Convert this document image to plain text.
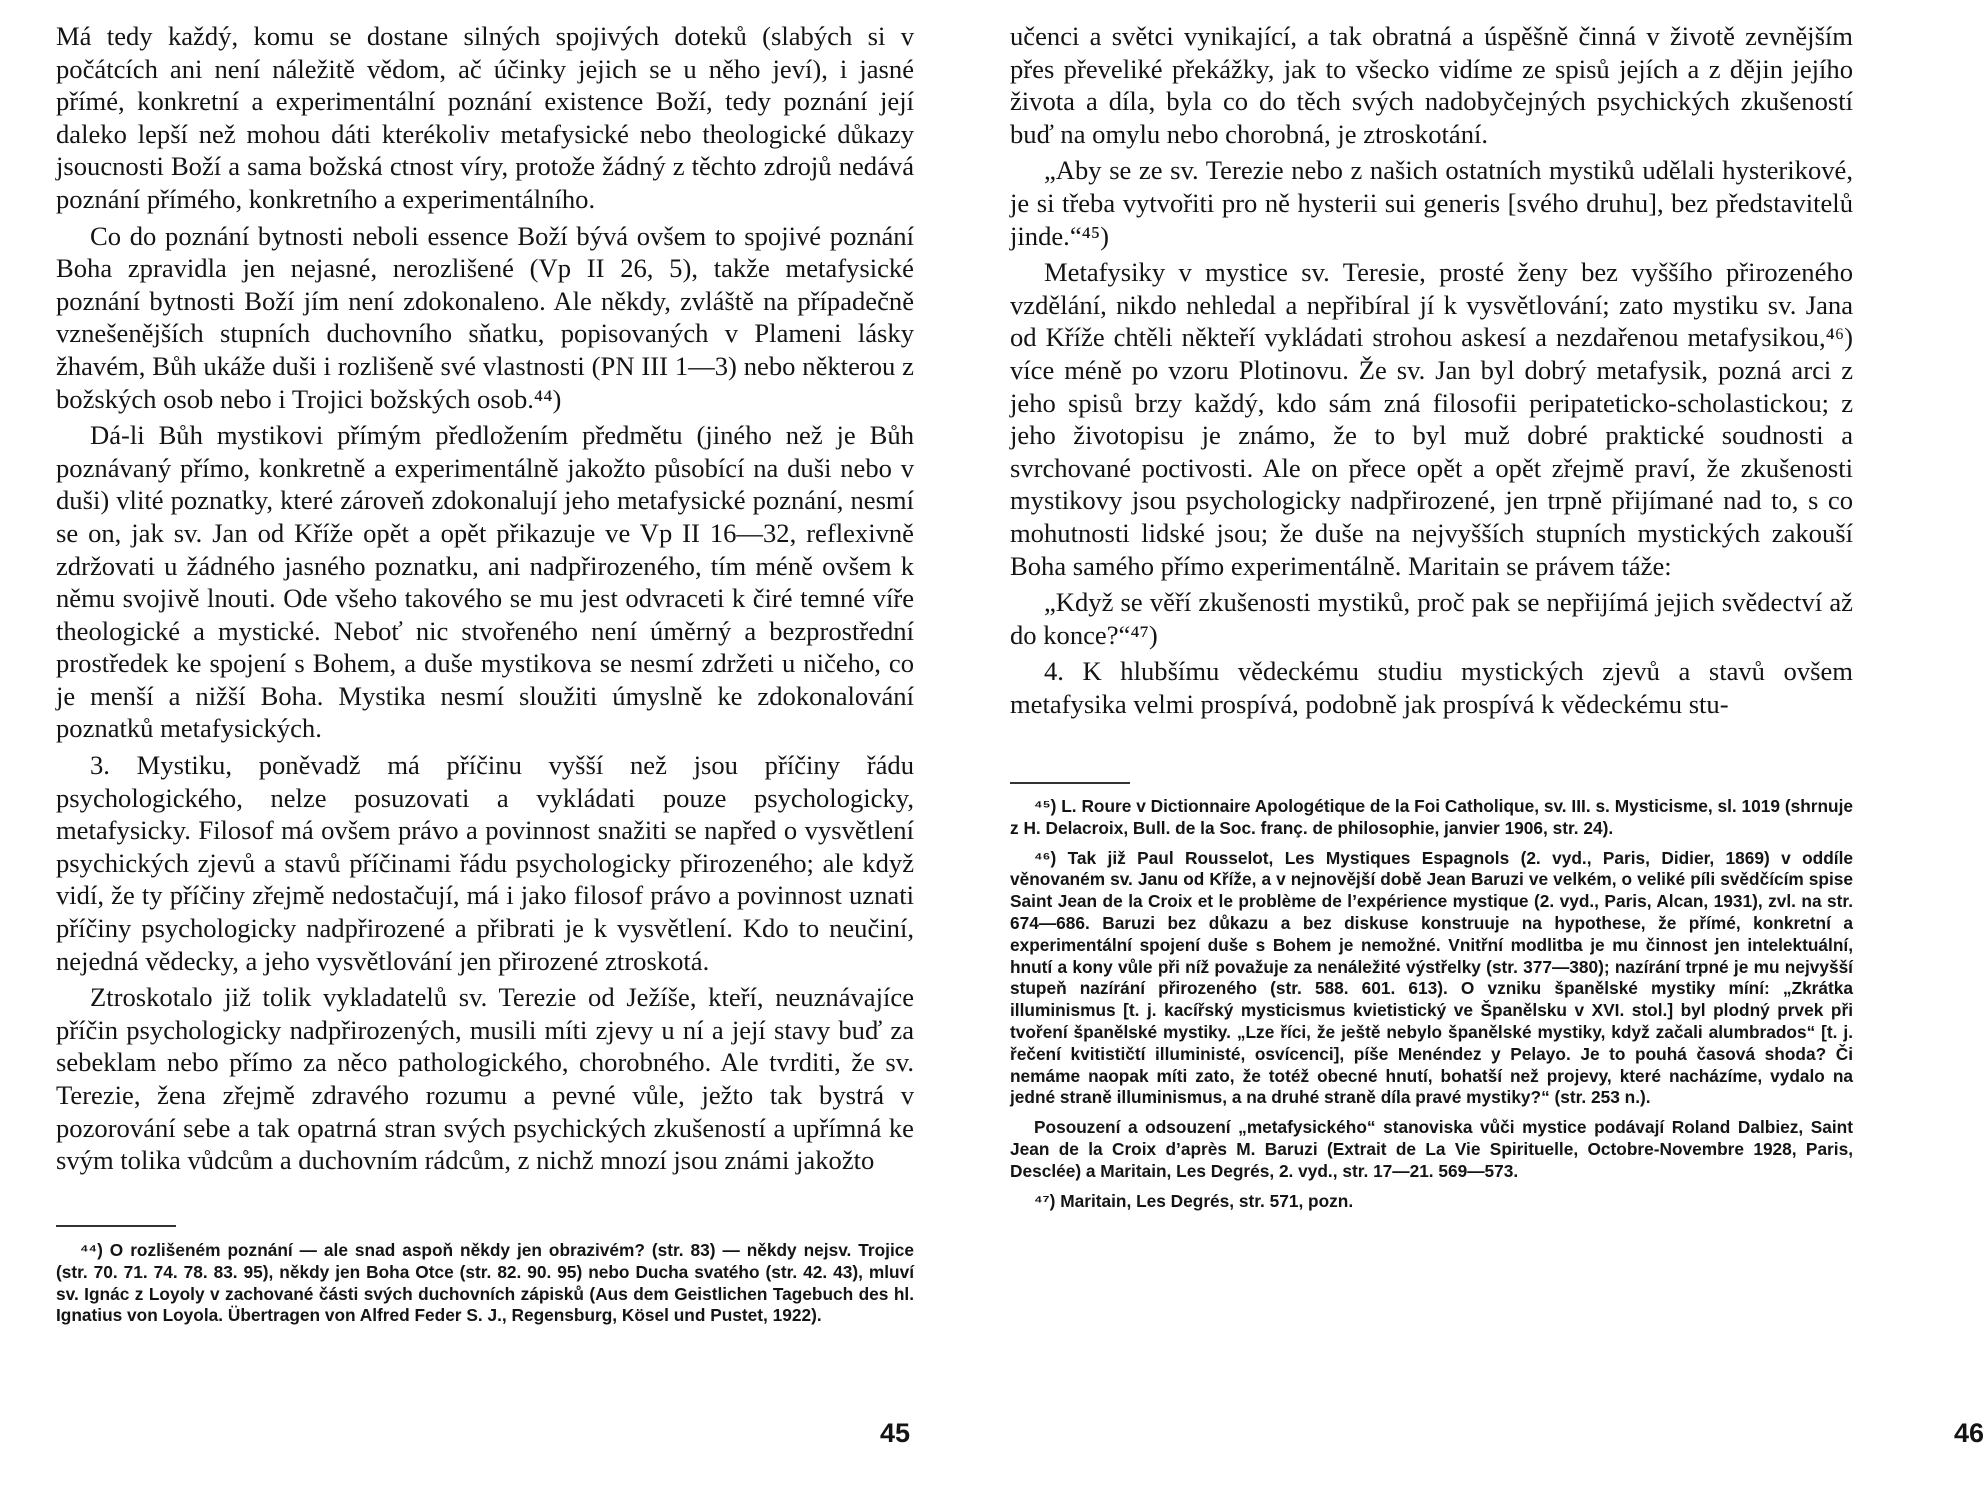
Má tedy každý, komu se dostane silných spojivých doteků (slabých si v počátcích ani není náležitě vědom, ač účinky jejich se u něho jeví), i jasné přímé, konkretní a experimentální poznání existence Boží, tedy poznání její daleko lepší než mohou dáti kterékoliv metafysické nebo theologické důkazy jsoucnosti Boží a sama božská ctnost víry, protože žádný z těchto zdrojů nedává poznání přímého, konkretního a experimentálního.

Co do poznání bytnosti neboli essence Boží bývá ovšem to spojivé poznání Boha zpravidla jen nejasné, nerozlišené (Vp II 26, 5), takže metafysické poznání bytnosti Boží jím není zdokonaleno. Ale někdy, zvláště na případečně vznešenějších stupních duchovního sňatku, popisovaných v Plameni lásky žhavém, Bůh ukáže duši i rozlišeně své vlastnosti (PN III 1—3) nebo některou z božských osob nebo i Trojici božských osob.⁴⁴)

Dá-li Bůh mystikovi přímým předložením předmětu (jiného než je Bůh poznávaný přímo, konkretně a experimentálně jakožto působící na duši nebo v duši) vlité poznatky, které zároveň zdokonalují jeho metafysické poznání, nesmí se on, jak sv. Jan od Kříže opět a opět přikazuje ve Vp II 16—32, reflexivně zdržovati u žádného jasného poznatku, ani nadpřirozeného, tím méně ovšem k němu svojivě lnouti. Ode všeho takového se mu jest odvraceti k čiré temné víře theologické a mystické. Neboť nic stvořeného není úměrný a bezprostřední prostředek ke spojení s Bohem, a duše mystikova se nesmí zdržeti u ničeho, co je menší a nižší Boha. Mystika nesmí sloužiti úmyslně ke zdokonalování poznatků metafysických.

3. Mystiku, poněvadž má příčinu vyšší než jsou příčiny řádu psychologického, nelze posuzovati a vykládati pouze psychologicky, metafysicky. Filosof má ovšem právo a povinnost snažiti se napřed o vysvětlení psychických zjevů a stavů příčinami řádu psychologicky přirozeného; ale když vidí, že ty příčiny zřejmě nedostačují, má i jako filosof právo a povinnost uznati příčiny psychologicky nadpřirozené a přibrati je k vysvětlení. Kdo to neučiní, nejedná vědecky, a jeho vysvětlování jen přirozené ztroskotá.

Ztroskotalo již tolik vykladatelů sv. Terezie od Ježíše, kteří, neuznávajíce příčin psychologicky nadpřirozených, musili míti zjevy u ní a její stavy buď za sebeklam nebo přímo za něco pathologického, chorobného. Ale tvrditi, že sv. Terezie, žena zřejmě zdravého rozumu a pevné vůle, ježto tak bystrá v pozorování sebe a tak opatrná stran svých psychických zkušeností a upřímná ke svým tolika vůdcům a duchovním rádcům, z nichž mnozí jsou známi jakožto

⁴⁴) O rozlišeném poznání — ale snad aspoň někdy jen obrazivém? (str. 83) — někdy nejsv. Trojice (str. 70. 71. 74. 78. 83. 95), někdy jen Boha Otce (str. 82. 90. 95) nebo Ducha svatého (str. 42. 43), mluví sv. Ignác z Loyoly v zachované části svých duchovních zápisků (Aus dem Geistlichen Tagebuch des hl. Ignatius von Loyola. Übertragen von Alfred Feder S. J., Regensburg, Kösel und Pustet, 1922).

45

učenci a světci vynikající, a tak obratná a úspěšně činná v životě zevnějším přes převeliké překážky, jak to všecko vidíme ze spisů jejích a z dějin jejího života a díla, byla co do těch svých nadobyčejných psychických zkušeností buď na omylu nebo chorobná, je ztroskotání.

„Aby se ze sv. Terezie nebo z našich ostatních mystiků udělali hysterikové, je si třeba vytvořiti pro ně hysterii sui generis [svého druhu], bez představitelů jinde.“⁴⁵)

Metafysiky v mystice sv. Teresie, prosté ženy bez vyššího přirozeného vzdělání, nikdo nehledal a nepřibíral jí k vysvětlování; zato mystiku sv. Jana od Kříže chtěli někteří vykládati strohou askesí a nezdařenou metafysikou,⁴⁶) více méně po vzoru Plotinovu. Že sv. Jan byl dobrý metafysik, pozná arci z jeho spisů brzy každý, kdo sám zná filosofii peripateticko-scholastickou; z jeho životopisu je známo, že to byl muž dobré praktické soudnosti a svrchované poctivosti. Ale on přece opět a opět zřejmě praví, že zkušenosti mystikovy jsou psychologicky nadpřirozené, jen trpně přijímané nad to, s co mohutnosti lidské jsou; že duše na nejvyšších stupních mystických zakouší Boha samého přímo experimentálně. Maritain se právem táže:

„Když se věří zkušenosti mystiků, proč pak se nepřijímá jejich svědectví až do konce?“⁴⁷)

4. K hlubšímu vědeckému studiu mystických zjevů a stavů ovšem metafysika velmi prospívá, podobně jak prospívá k vědeckému stu-

⁴⁵) L. Roure v Dictionnaire Apologétique de la Foi Catholique, sv. III. s. Mysticisme, sl. 1019 (shrnuje z H. Delacroix, Bull. de la Soc. franç. de philosophie, janvier 1906, str. 24).

⁴⁶) Tak již Paul Rousselot, Les Mystiques Espagnols (2. vyd., Paris, Didier, 1869) v oddíle věnovaném sv. Janu od Kříže, a v nejnovější době Jean Baruzi ve velkém, o veliké píli svědčícím spise Saint Jean de la Croix et le problème de l’expérience mystique (2. vyd., Paris, Alcan, 1931), zvl. na str. 674—686. Baruzi bez důkazu a bez diskuse konstruuje na hypothese, že přímé, konkretní a experimentální spojení duše s Bohem je nemožné. Vnitřní modlitba je mu činnost jen intelektuální, hnutí a kony vůle při níž považuje za nenáležité výstřelky (str. 377—380); nazírání trpné je mu nejvyšší stupeň nazírání přirozeného (str. 588. 601. 613). O vzniku španělské mystiky míní: „Zkrátka illuminismus [t. j. kacířský mysticismus kvietistický ve Španělsku v XVI. stol.] byl plodný prvek při tvoření španělské mystiky. „Lze říci, že ještě nebylo španělské mystiky, když začali alumbrados“ [t. j. řečení kvitističtí illuministé, osvícenci], píše Menéndez y Pelayo. Je to pouhá časová shoda? Či nemáme naopak míti zato, že totéž obecné hnutí, bohatší než projevy, které nacházíme, vydalo na jedné straně illuminismus, a na druhé straně díla pravé mystiky?“ (str. 253 n.).

Posouzení a odsouzení „metafysického“ stanoviska vůči mystice podávají Roland Dalbiez, Saint Jean de la Croix d’après M. Baruzi (Extrait de La Vie Spirituelle, Octobre-Novembre 1928, Paris, Desclée) a Maritain, Les Degrés, 2. vyd., str. 17—21. 569—573.

⁴⁷) Maritain, Les Degrés, str. 571, pozn.

46
